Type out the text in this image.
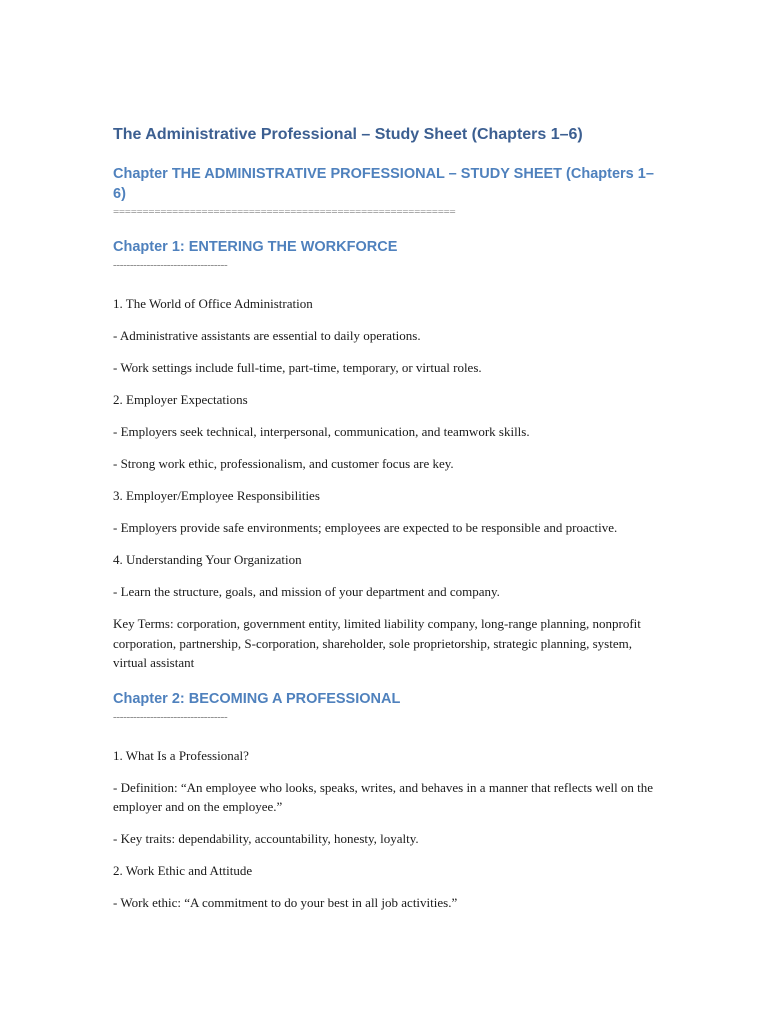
The Administrative Professional – Study Sheet (Chapters 1–6)
Chapter THE ADMINISTRATIVE PROFESSIONAL – STUDY SHEET (Chapters 1–6)
==========================================================
Chapter 1: ENTERING THE WORKFORCE
----------------------------------

1. The World of Office Administration

- Administrative assistants are essential to daily operations.

- Work settings include full-time, part-time, temporary, or virtual roles.

2. Employer Expectations

- Employers seek technical, interpersonal, communication, and teamwork skills.

- Strong work ethic, professionalism, and customer focus are key.

3. Employer/Employee Responsibilities

- Employers provide safe environments; employees are expected to be responsible and proactive.

4. Understanding Your Organization

- Learn the structure, goals, and mission of your department and company.

Key Terms: corporation, government entity, limited liability company, long-range planning, nonprofit corporation, partnership, S-corporation, shareholder, sole proprietorship, strategic planning, system, virtual assistant

Chapter 2: BECOMING A PROFESSIONAL
----------------------------------

1. What Is a Professional?

- Definition: “An employee who looks, speaks, writes, and behaves in a manner that reflects well on the employer and on the employee.”

- Key traits: dependability, accountability, honesty, loyalty.

2. Work Ethic and Attitude

- Work ethic: “A commitment to do your best in all job activities.”
